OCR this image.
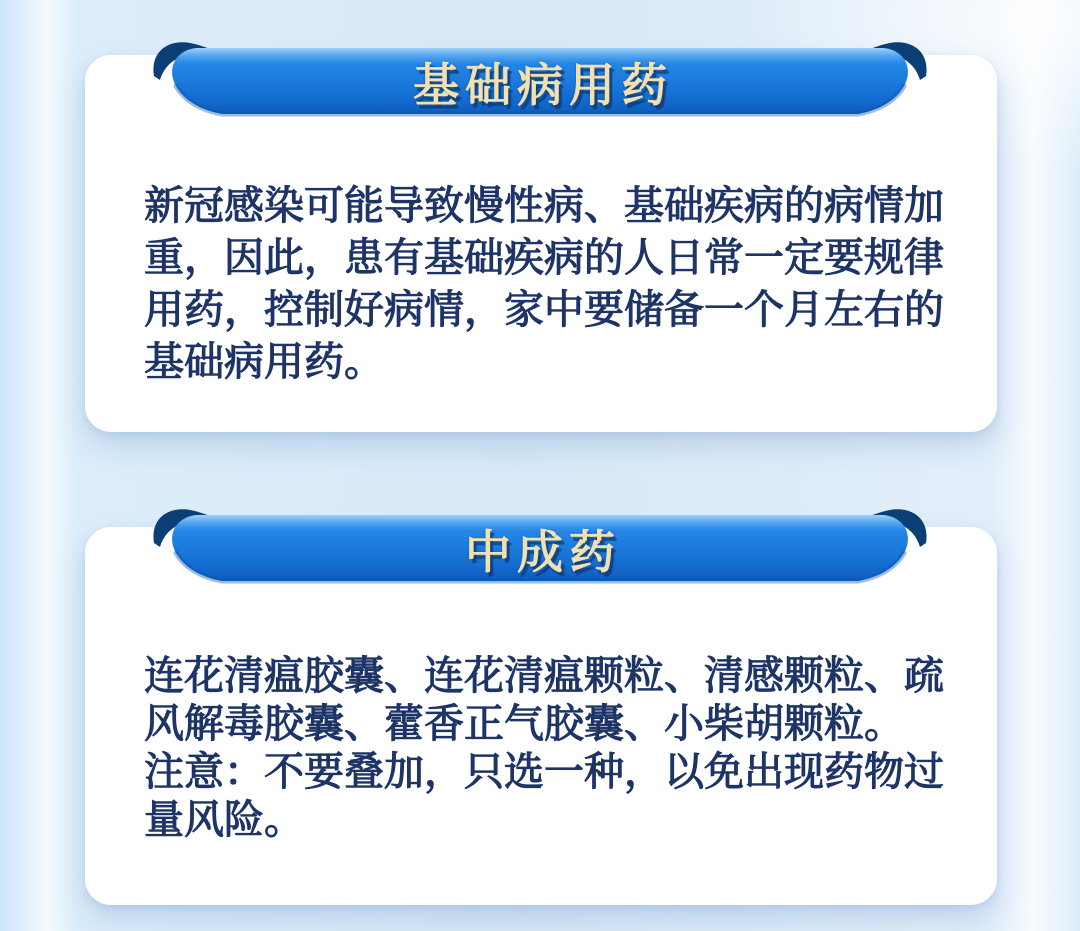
基础病用药
新冠感染可能导致慢性病、基础疾病的病情加
重，因此，患有基础疾病的人日常一定要规律
用药，控制好病情，家中要储备一个月左右的
基础病用药。
中成药
连花清瘟胶囊、连花清瘟颗粒、清感颗粒、疏
风解毒胶囊、藿香正气胶囊、小柴胡颗粒。
注意：不要叠加，只选一种，以免出现药物过
量风险。
